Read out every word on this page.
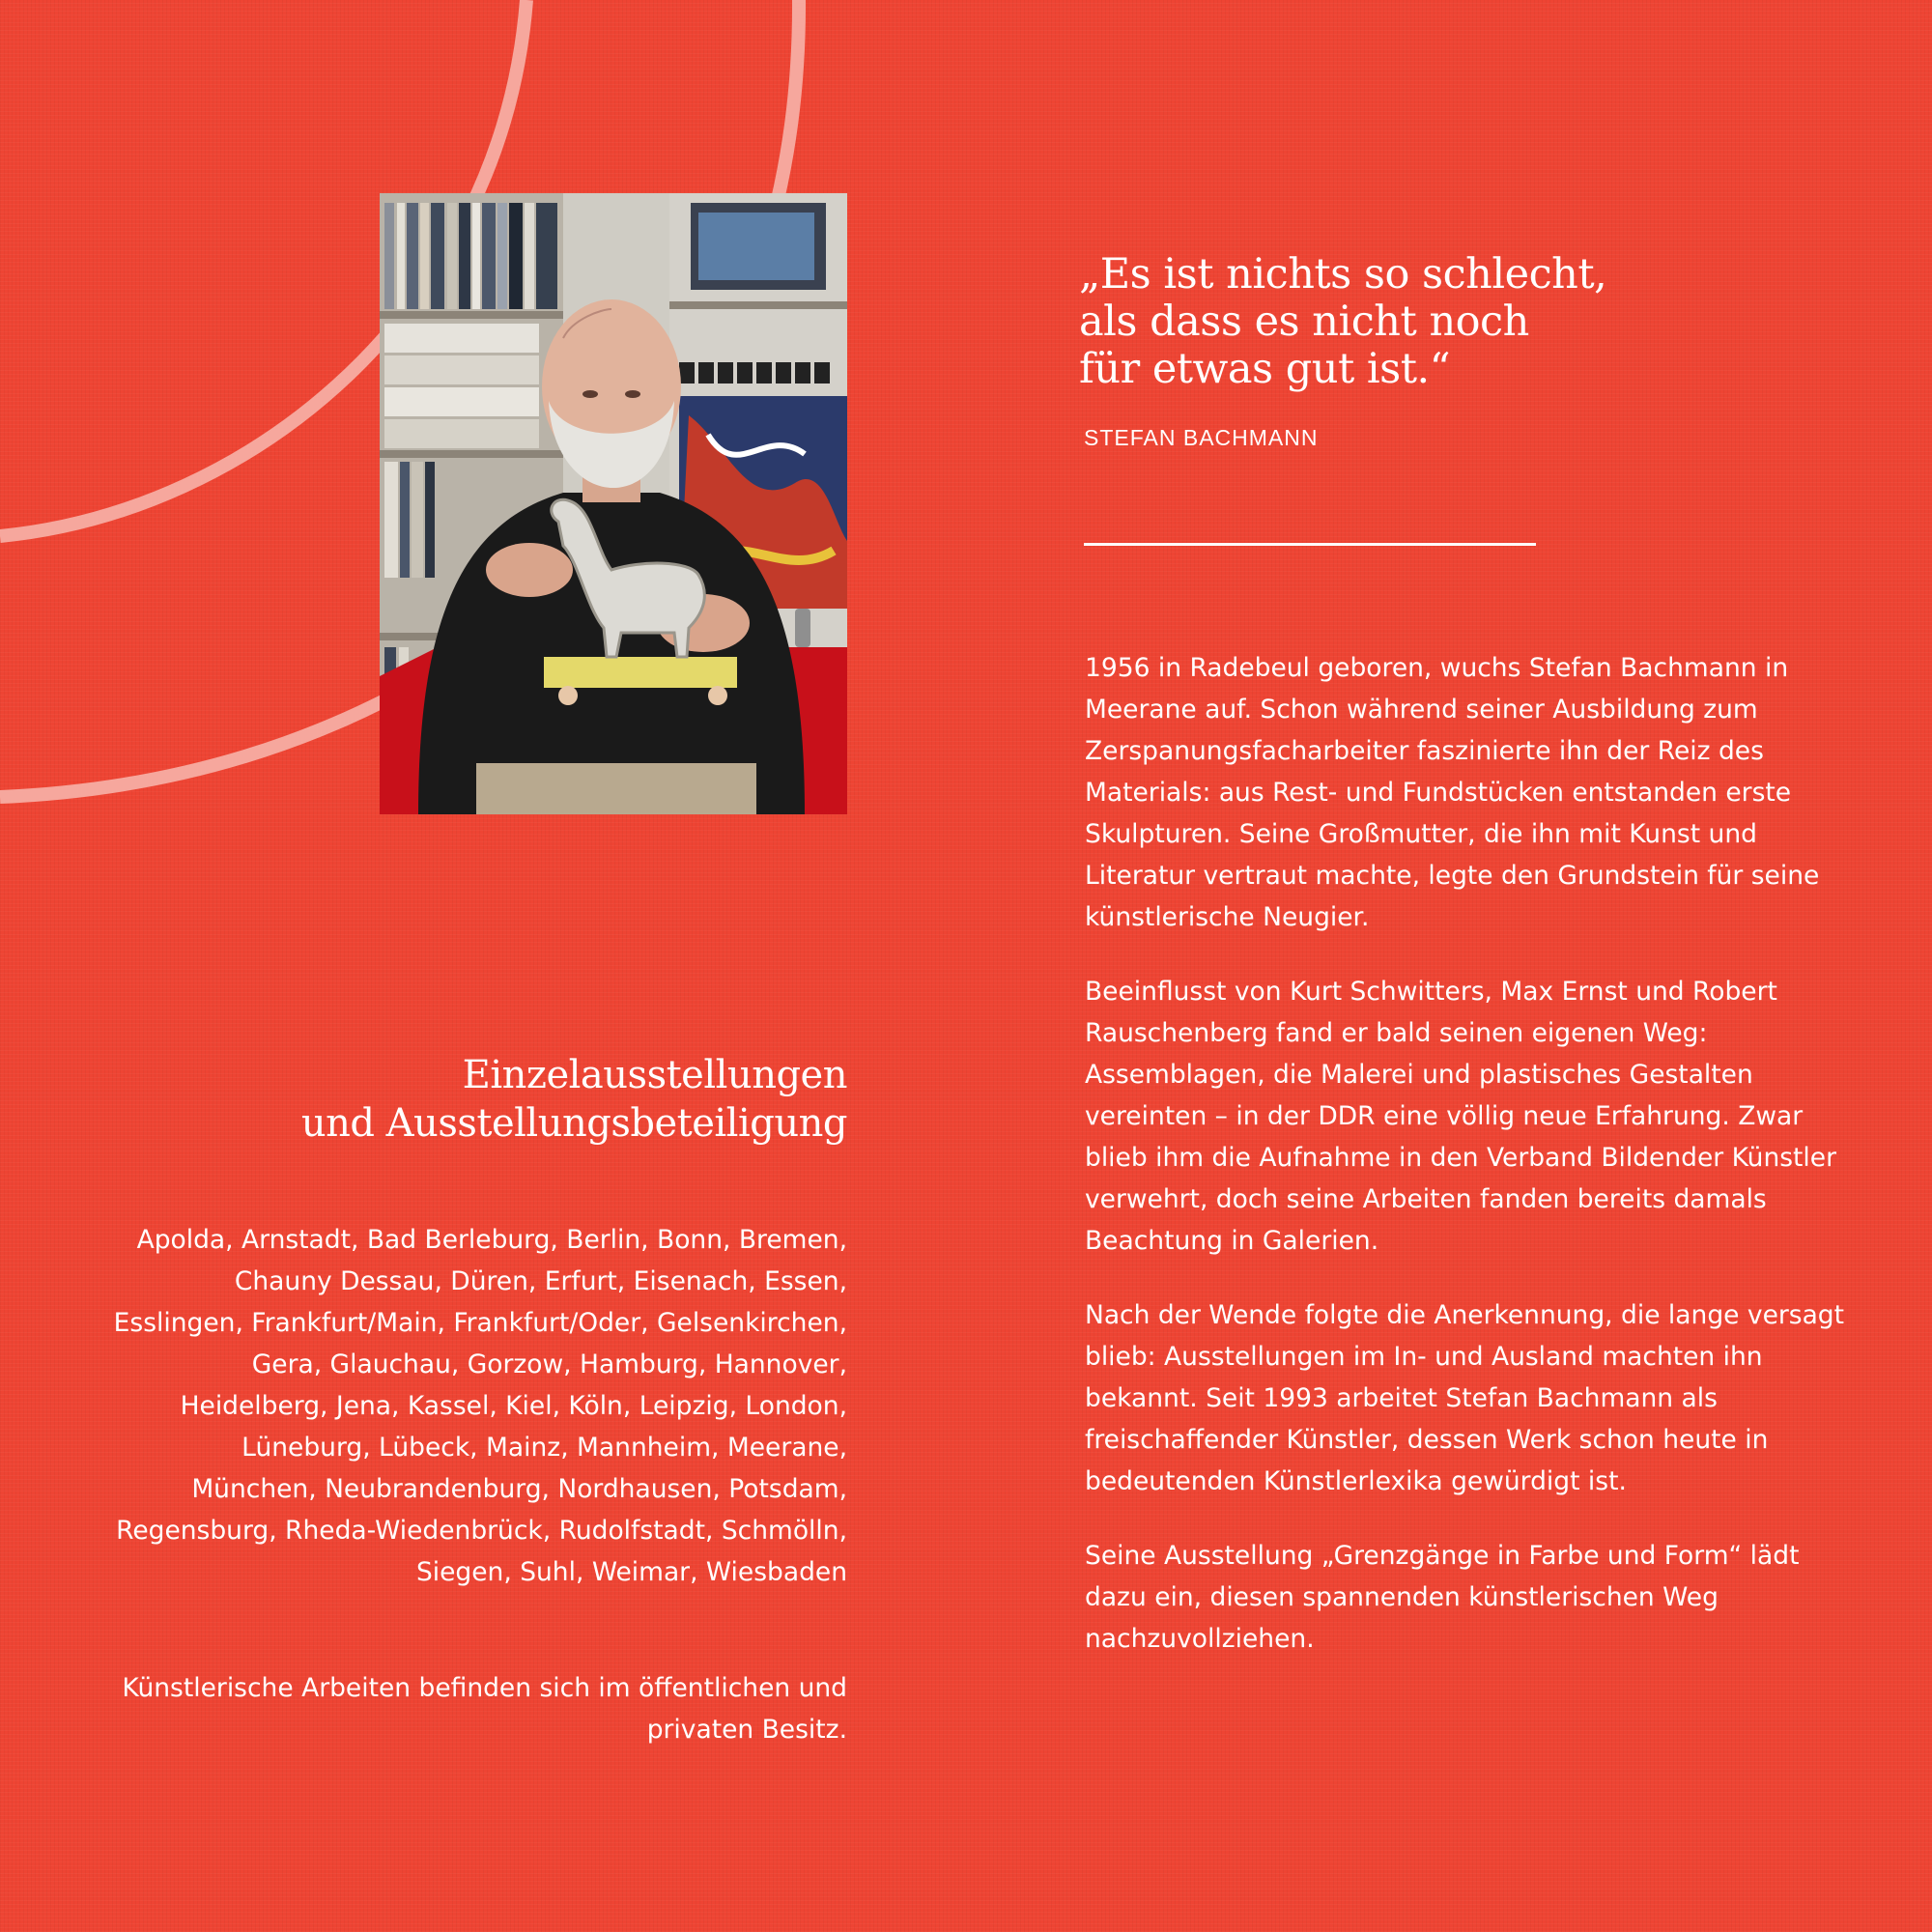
„Es ist nichts so schlecht,
als dass es nicht noch
für etwas gut ist.“
STEFAN BACHMANN

1956 in Radebeul geboren, wuchs Stefan Bachmann in Meerane auf. Schon während seiner Ausbildung zum Zerspanungsfacharbeiter faszinierte ihn der Reiz des Materials: aus Rest- und Fundstücken entstanden erste Skulpturen. Seine Großmutter, die ihn mit Kunst und Literatur vertraut machte, legte den Grundstein für seine künstlerische Neugier.

Beeinflusst von Kurt Schwitters, Max Ernst und Robert Rauschenberg fand er bald seinen eigenen Weg: Assemblagen, die Malerei und plastisches Gestalten vereinten – in der DDR eine völlig neue Erfahrung. Zwar blieb ihm die Aufnahme in den Verband Bildender Künstler verwehrt, doch seine Arbeiten fanden bereits damals Beachtung in Galerien.

Nach der Wende folgte die Anerkennung, die lange versagt blieb: Ausstellungen im In- und Ausland machten ihn bekannt. Seit 1993 arbeitet Stefan Bachmann als freischaffender Künstler, dessen Werk schon heute in bedeutenden Künstlerlexika gewürdigt ist.

Seine Ausstellung „Grenzgänge in Farbe und Form“ lädt dazu ein, diesen spannenden künstlerischen Weg nachzuvollziehen.

Einzelausstellungen
und Ausstellungsbeteiligung
Apolda, Arnstadt, Bad Berleburg, Berlin, Bonn, Bremen, Chauny Dessau, Düren, Erfurt, Eisenach, Essen, Esslingen, Frankfurt/Main, Frankfurt/Oder, Gelsenkirchen, Gera, Glauchau, Gorzow, Hamburg, Hannover, Heidelberg, Jena, Kassel, Kiel, Köln, Leipzig, London, Lüneburg, Lübeck, Mainz, Mannheim, Meerane, München, Neubrandenburg, Nordhausen, Potsdam, Regensburg, Rheda-Wiedenbrück, Rudolfstadt, Schmölln, Siegen, Suhl, Weimar, Wiesbaden
Künstlerische Arbeiten befinden sich im öffentlichen und privaten Besitz.
